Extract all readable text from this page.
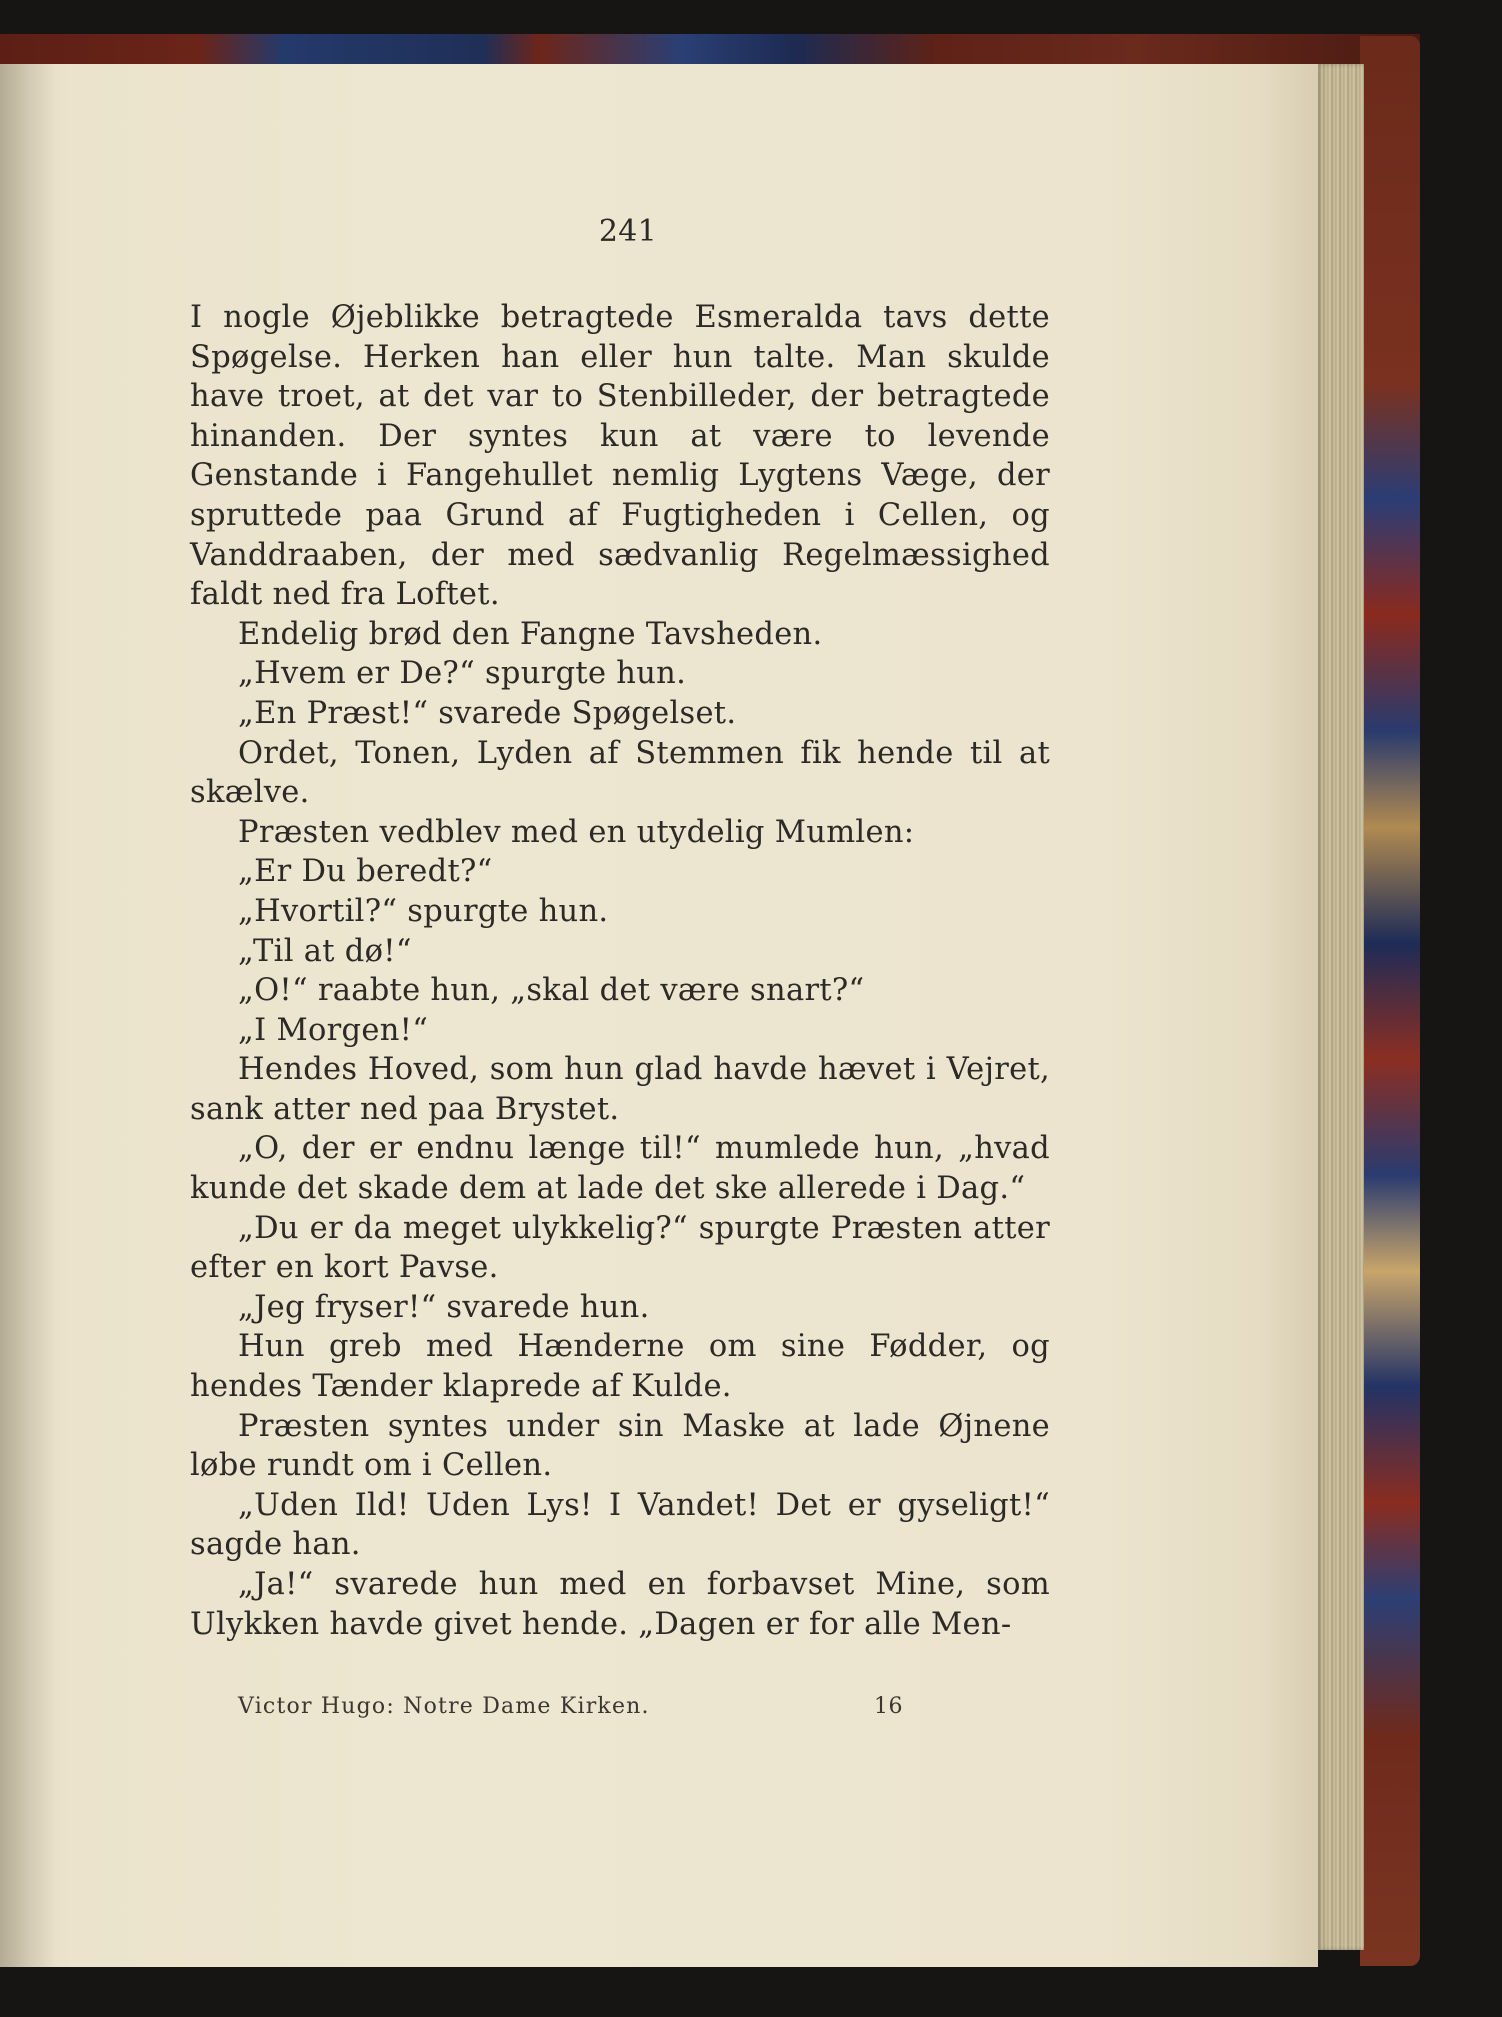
241

I nogle Øjeblikke betragtede Esmeralda tavs dette Spøgelse. Herken han eller hun talte. Man skulde have troet, at det var to Stenbilleder, der betragtede hinanden. Der syntes kun at være to levende Genstande i Fangehullet nemlig Lygtens Væge, der spruttede paa Grund af Fugtigheden i Cellen, og Vanddraaben, der med sædvanlig Regelmæssighed faldt ned fra Loftet.

Endelig brød den Fangne Tavsheden.

„Hvem er De?“ spurgte hun.

„En Præst!“ svarede Spøgelset.

Ordet, Tonen, Lyden af Stemmen fik hende til at skælve.

Præsten vedblev med en utydelig Mumlen:

„Er Du beredt?“

„Hvortil?“ spurgte hun.

„Til at dø!“

„O!“ raabte hun, „skal det være snart?“

„I Morgen!“

Hendes Hoved, som hun glad havde hævet i Vejret, sank atter ned paa Brystet.

„O, der er endnu længe til!“ mumlede hun, „hvad kunde det skade dem at lade det ske allerede i Dag.“

„Du er da meget ulykkelig?“ spurgte Præsten atter efter en kort Pavse.

„Jeg fryser!“ svarede hun.

Hun greb med Hænderne om sine Fødder, og hendes Tænder klaprede af Kulde.

Præsten syntes under sin Maske at lade Øjnene løbe rundt om i Cellen.

„Uden Ild! Uden Lys! I Vandet! Det er gyseligt!“ sagde han.

„Ja!“ svarede hun med en forbavset Mine, som Ulykken havde givet hende. „Dagen er for alle Men-

Victor Hugo: Notre Dame Kirken.	16
